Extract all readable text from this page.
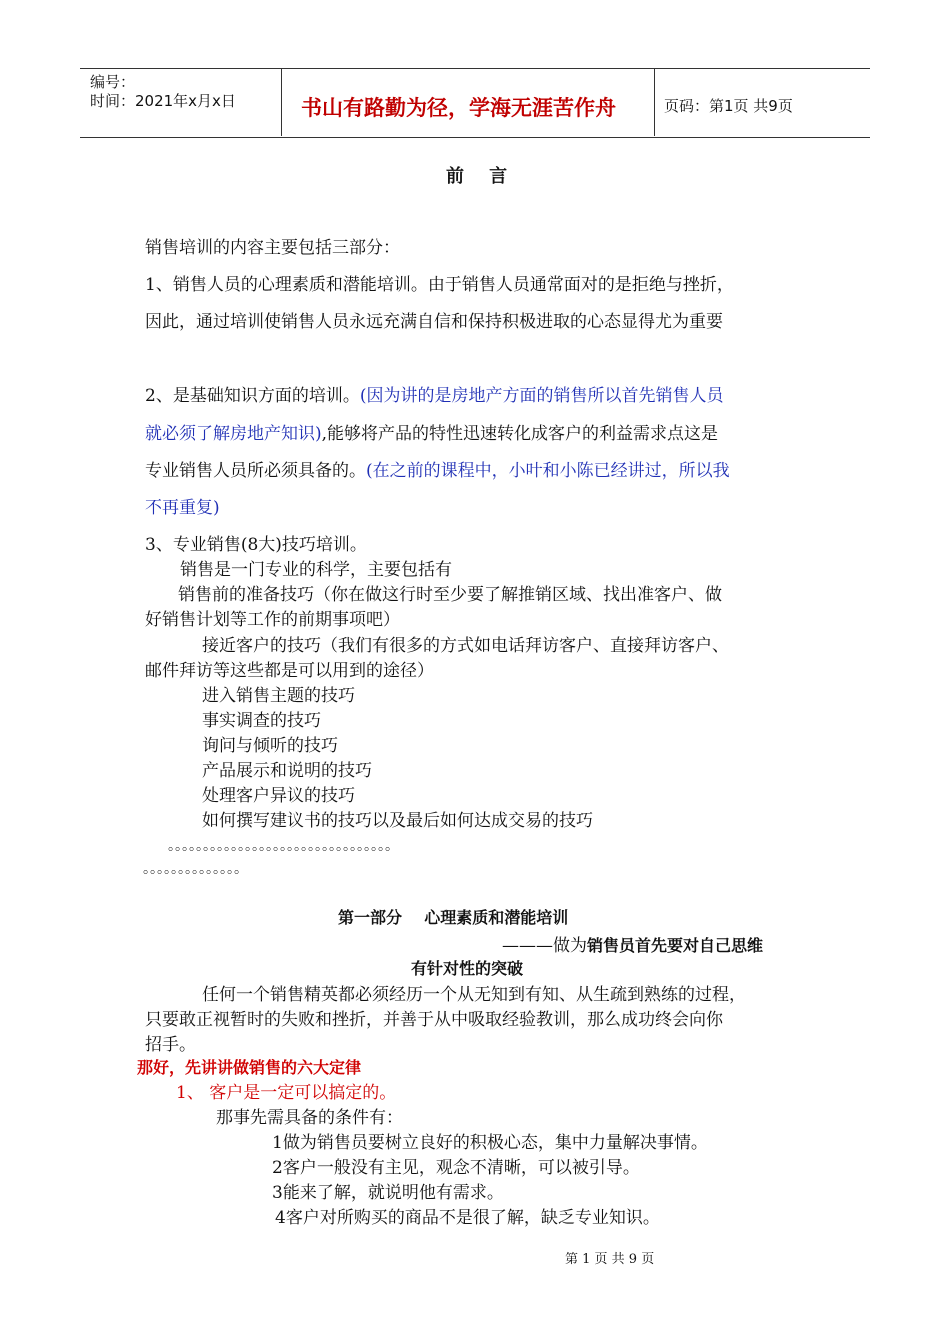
编号：
时间：2021年x月x日	书山有路勤为径，学海无涯苦作舟	页码：第1页 共9页
前    言
销售培训的内容主要包括三部分：
1、销售人员的心理素质和潜能培训。由于销售人员通常面对的是拒绝与挫折，
因此，通过培训使销售人员永远充满自信和保持积极进取的心态显得尤为重要
2、是基础知识方面的培训。(因为讲的是房地产方面的销售所以首先销售人员
就必须了解房地产知识),能够将产品的特性迅速转化成客户的利益需求点这是
专业销售人员所必须具备的。(在之前的课程中，小叶和小陈已经讲过，所以我
不再重复)
3、专业销售(8大)技巧培训。
销售是一门专业的科学，主要包括有
销售前的准备技巧（你在做这行时至少要了解推销区域、找出准客户、做
好销售计划等工作的前期事项吧）
接近客户的技巧（我们有很多的方式如电话拜访客户、直接拜访客户、
邮件拜访等这些都是可以用到的途径）
进入销售主题的技巧
事实调查的技巧
询问与倾听的技巧
产品展示和说明的技巧
处理客户异议的技巧
如何撰写建议书的技巧以及最后如何达成交易的技巧
。。。。。。。。。。。。。。。。。。。。。。。。。。。。。。。。
。。。。。。。。。。。。。。
第一部分    心理素质和潜能培训
———做为销售员首先要对自己思维
有针对性的突破
任何一个销售精英都必须经历一个从无知到有知、从生疏到熟练的过程，
只要敢正视暂时的失败和挫折，并善于从中吸取经验教训，那么成功终会向你
招手。
那好，先讲讲做销售的六大定律
1、 客户是一定可以搞定的。
那事先需具备的条件有：
1做为销售员要树立良好的积极心态，集中力量解决事情。
2客户一般没有主见，观念不清晰，可以被引导。
3能来了解，就说明他有需求。
4客户对所购买的商品不是很了解，缺乏专业知识。
第 1 页 共 9 页
